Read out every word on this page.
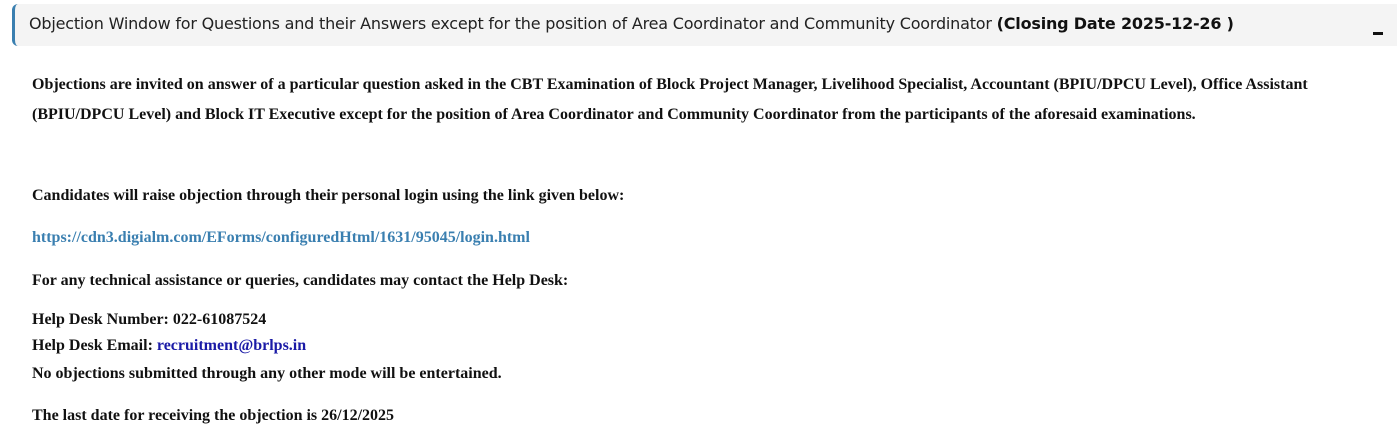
Objection Window for Questions and their Answers except for the position of Area Coordinator and Community Coordinator (Closing Date 2025-12-26 )

Objections are invited on answer of a particular question asked in the CBT Examination of Block Project Manager, Livelihood Specialist, Accountant (BPIU/DPCU Level), Office Assistant (BPIU/DPCU Level) and Block IT Executive except for the position of Area Coordinator and Community Coordinator from the participants of the aforesaid examinations.

Candidates will raise objection through their personal login using the link given below:

https://cdn3.digialm.com/EForms/configuredHtml/1631/95045/login.html

For any technical assistance or queries, candidates may contact the Help Desk:

Help Desk Number: 022-61087524

Help Desk Email: recruitment@brlps.in

No objections submitted through any other mode will be entertained.

The last date for receiving the objection is 26/12/2025
